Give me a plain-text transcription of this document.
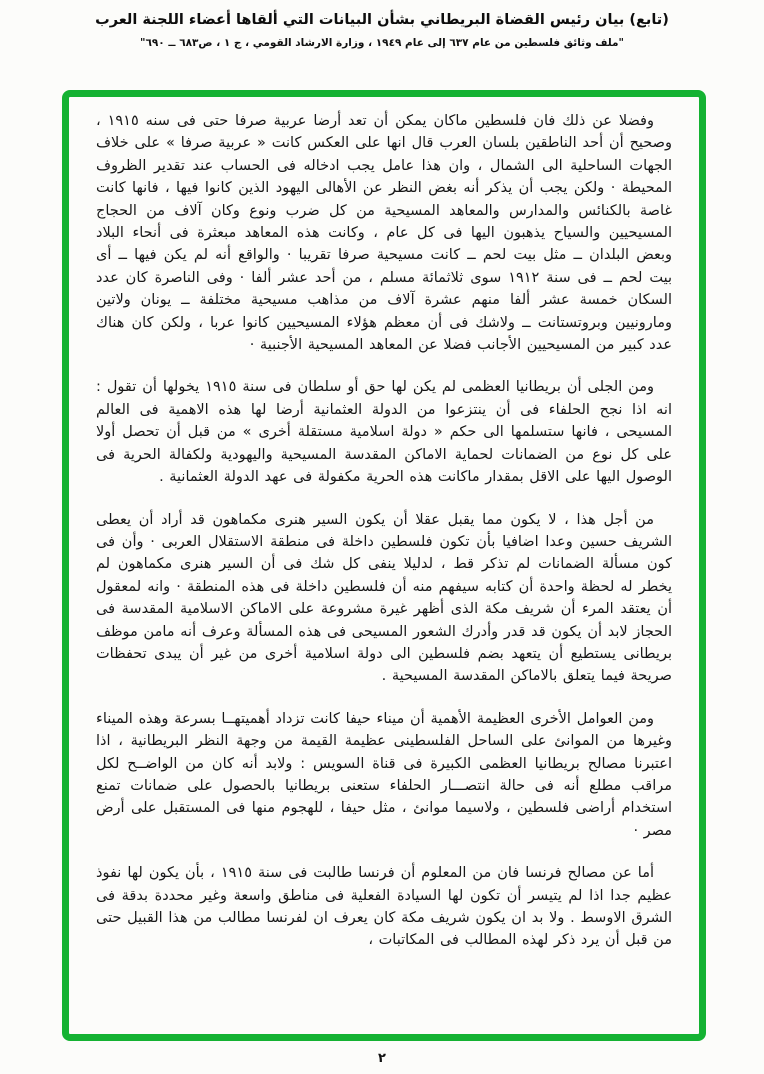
(تابع) بيان رئيس القضاة البريطاني بشأن البيانات التي ألقاها أعضاء اللجنة العرب
"ملف وثائق فلسطين من عام ٦٣٧ إلى عام ١٩٤٩ ، وزارة الارشاد القومي ، ج ١ ، ص٦٨٣ ــ ٦٩٠"

وفضلا عن ذلك فان فلسطين ماكان يمكن أن تعد أرضا عربية صرفا حتى فى سنه ١٩١٥ ، وصحيح أن أحد الناطقين بلسان العرب قال انها على العكس كانت « عربية صرفا » على خلاف الجهات الساحلية الى الشمال ، وان هذا عامل يجب ادخاله فى الحساب عند تقدير الظروف المحيطة · ولكن يجب أن يذكر أنه بغض النظر عن الأهالى اليهود الذين كانوا فيها ، فانها كانت غاصة بالكنائس والمدارس والمعاهد المسيحية من كل ضرب ونوع وكان آلاف من الحجاج المسيحيين والسياح يذهبون اليها فى كل عام ، وكانت هذه المعاهد مبعثرة فى أنحاء البلاد وبعض البلدان ــ مثل بيت لحم ــ كانت مسيحية صرفا تقريبا · والواقع أنه لم يكن فيها ــ أى بيت لحم ــ فى سنة ١٩١٢ سوى ثلاثمائة مسلم ، من أحد عشر ألفا · وفى الناصرة كان عدد السكان خمسة عشر ألفا منهم عشرة آلاف من مذاهب مسيحية مختلفة ــ يونان ولاتين ومارونيين وبروتستانت ــ ولاشك فى أن معظم هؤلاء المسيحيين كانوا عربا ، ولكن كان هناك عدد كبير من المسيحيين الأجانب فضلا عن المعاهد المسيحية الأجنبية ·

ومن الجلى أن بريطانيا العظمى لم يكن لها حق أو سلطان فى سنة ١٩١٥ يخولها أن تقول : انه اذا نجح الحلفاء فى أن ينتزعوا من الدولة العثمانية أرضا لها هذه الاهمية فى العالم المسيحى ، فانها ستسلمها الى حكم « دولة اسلامية مستقلة أخرى » من قبل أن تحصل أولا على كل نوع من الضمانات لحماية الاماكن المقدسة المسيحية واليهودية ولكفالة الحرية فى الوصول اليها على الاقل بمقدار ماكانت هذه الحرية مكفولة فى عهد الدولة العثمانية .

من أجل هذا ، لا يكون مما يقبل عقلا أن يكون السير هنرى مكماهون قد أراد أن يعطى الشريف حسين وعدا اضافيا بأن تكون فلسطين داخلة فى منطقة الاستقلال العربى · وأن فى كون مسألة الضمانات لم تذكر قط ، لدليلا ينفى كل شك فى أن السير هنرى مكماهون لم يخطر له لحظة واحدة أن كتابه سيفهم منه أن فلسطين داخلة فى هذه المنطقة · وانه لمعقول أن يعتقد المرء أن شريف مكة الذى أظهر غيرة مشروعة على الاماكن الاسلامية المقدسة فى الحجاز لابد أن يكون قد قدر وأدرك الشعور المسيحى فى هذه المسألة وعرف أنه مامن موظف بريطانى يستطيع أن يتعهد بضم فلسطين الى دولة اسلامية أخرى من غير أن يبدى تحفظات صريحة فيما يتعلق بالاماكن المقدسة المسيحية .

ومن العوامل الأخرى العظيمة الأهمية أن ميناء حيفا كانت تزداد أهميتهــا بسرعة وهذه الميناء وغيرها من الموانئ على الساحل الفلسطينى عظيمة القيمة من وجهة النظر البريطانية ، اذا اعتبرنا مصالح بريطانيا العظمى الكبيرة فى قناة السويس : ولابد أنه كان من الواضــح لكل مراقب مطلع أنه فى حالة انتصـــار الحلفاء ستعنى بريطانيا بالحصول على ضمانات تمنع استخدام أراضى فلسطين ، ولاسيما موانئ ، مثل حيفا ، للهجوم منها فى المستقبل على أرض مصر ·

أما عن مصالح فرنسا فان من المعلوم أن فرنسا طالبت فى سنة ١٩١٥ ، بأن يكون لها نفوذ عظيم جدا اذا لم يتيسر أن تكون لها السيادة الفعلية فى مناطق واسعة وغير محددة بدقة فى الشرق الاوسط . ولا بد ان يكون شريف مكة كان يعرف ان لفرنسا مطالب من هذا القبيل حتى من قبل أن يرد ذكر لهذه المطالب فى المكاتبات ،

٢
